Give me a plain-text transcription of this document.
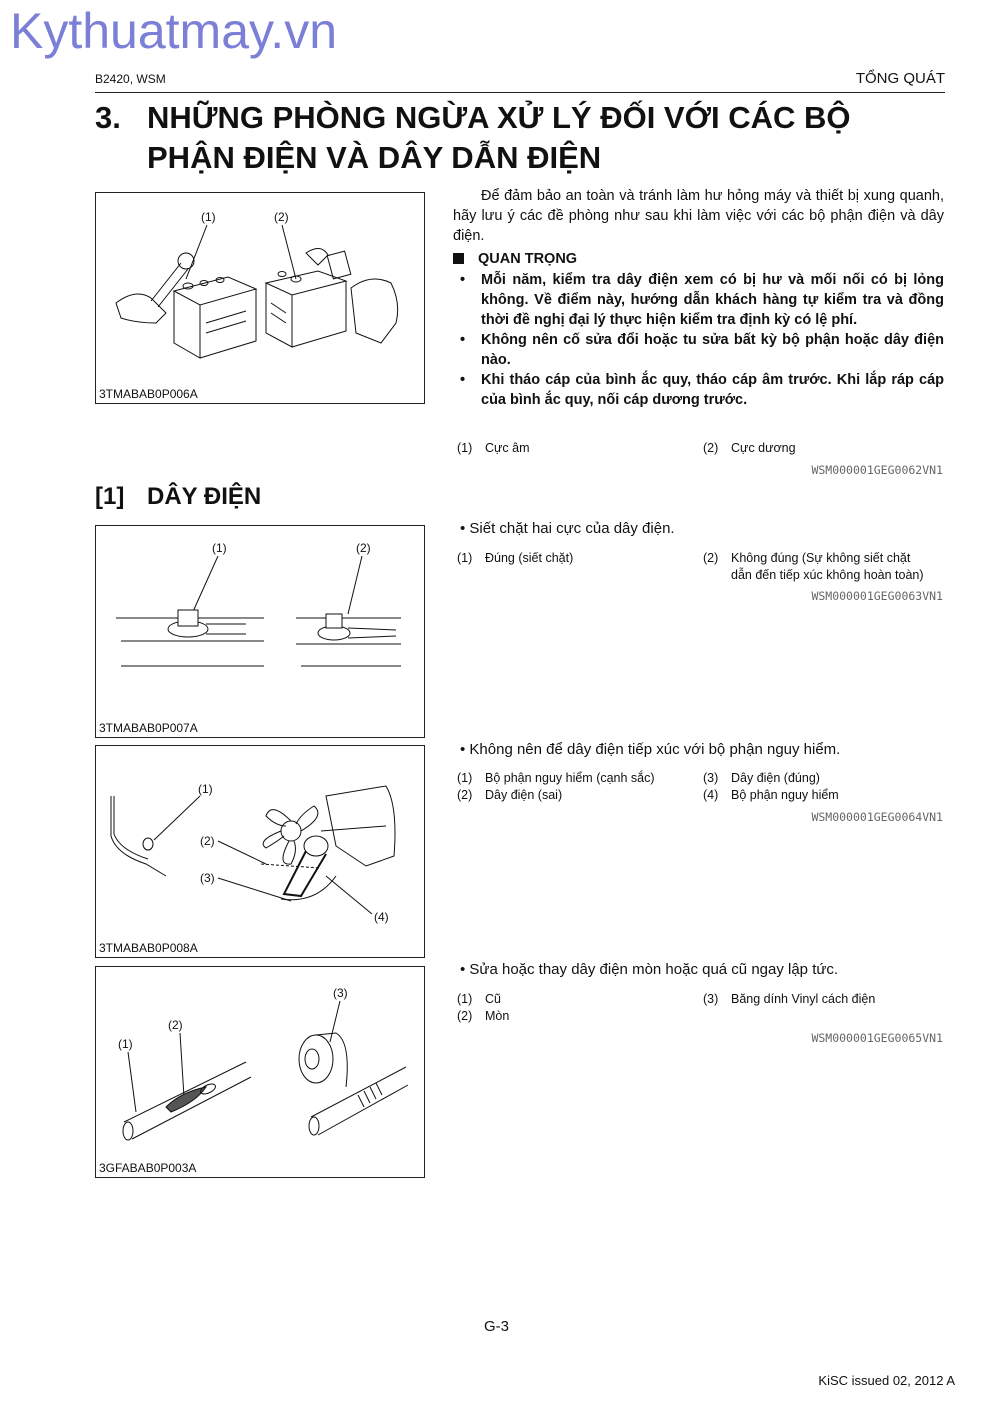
Kythuatmay.vn
B2420, WSM	TỔNG QUÁT
3. NHỮNG PHÒNG NGỪA XỬ LÝ ĐỐI VỚI CÁC BỘ
PHẬN ĐIỆN VÀ DÂY DẪN ĐIỆN
(1)	(2)
3TMABAB0P006A
Để đảm bảo an toàn và tránh làm hư hỏng máy và thiết bị xung quanh, hãy lưu ý các đề phòng như sau khi làm việc với các bộ phận điện và dây điện.
QUAN TRỌNG
• Mỗi năm, kiểm tra dây điện xem có bị hư và mối nối có bị lỏng không. Về điểm này, hướng dẫn khách hàng tự kiểm tra và đồng thời đề nghị đại lý thực hiện kiểm tra định kỳ có lệ phí.
• Không nên cố sửa đổi hoặc tu sửa bất kỳ bộ phận hoặc dây điện nào.
• Khi tháo cáp của bình ắc quy, tháo cáp âm trước. Khi lắp ráp cáp của bình ắc quy, nối cáp dương trước.
(1) Cực âm	(2) Cực dương
WSM000001GEG0062VN1
[1] DÂY ĐIỆN
(1)	(2)
3TMABAB0P007A
• Siết chặt hai cực của dây điện.
(1) Đúng (siết chặt)	(2) Không đúng (Sự không siết chặt
dẫn đến tiếp xúc không hoàn toàn)
WSM000001GEG0063VN1
(1)
(2)
(3)
(4)
3TMABAB0P008A
• Không nên để dây điện tiếp xúc với bộ phận nguy hiểm.
(1) Bộ phận nguy hiểm (cạnh sắc)
(2) Dây điện (sai)
(3) Dây điện (đúng)
(4) Bộ phận nguy hiểm
WSM000001GEG0064VN1
(3)
(2)
(1)
3GFABAB0P003A
• Sửa hoặc thay dây điện mòn hoặc quá cũ ngay lập tức.
(1) Cũ
(2) Mòn
(3) Băng dính Vinyl cách điện
WSM000001GEG0065VN1
G-3
KiSC issued 02, 2012 A
